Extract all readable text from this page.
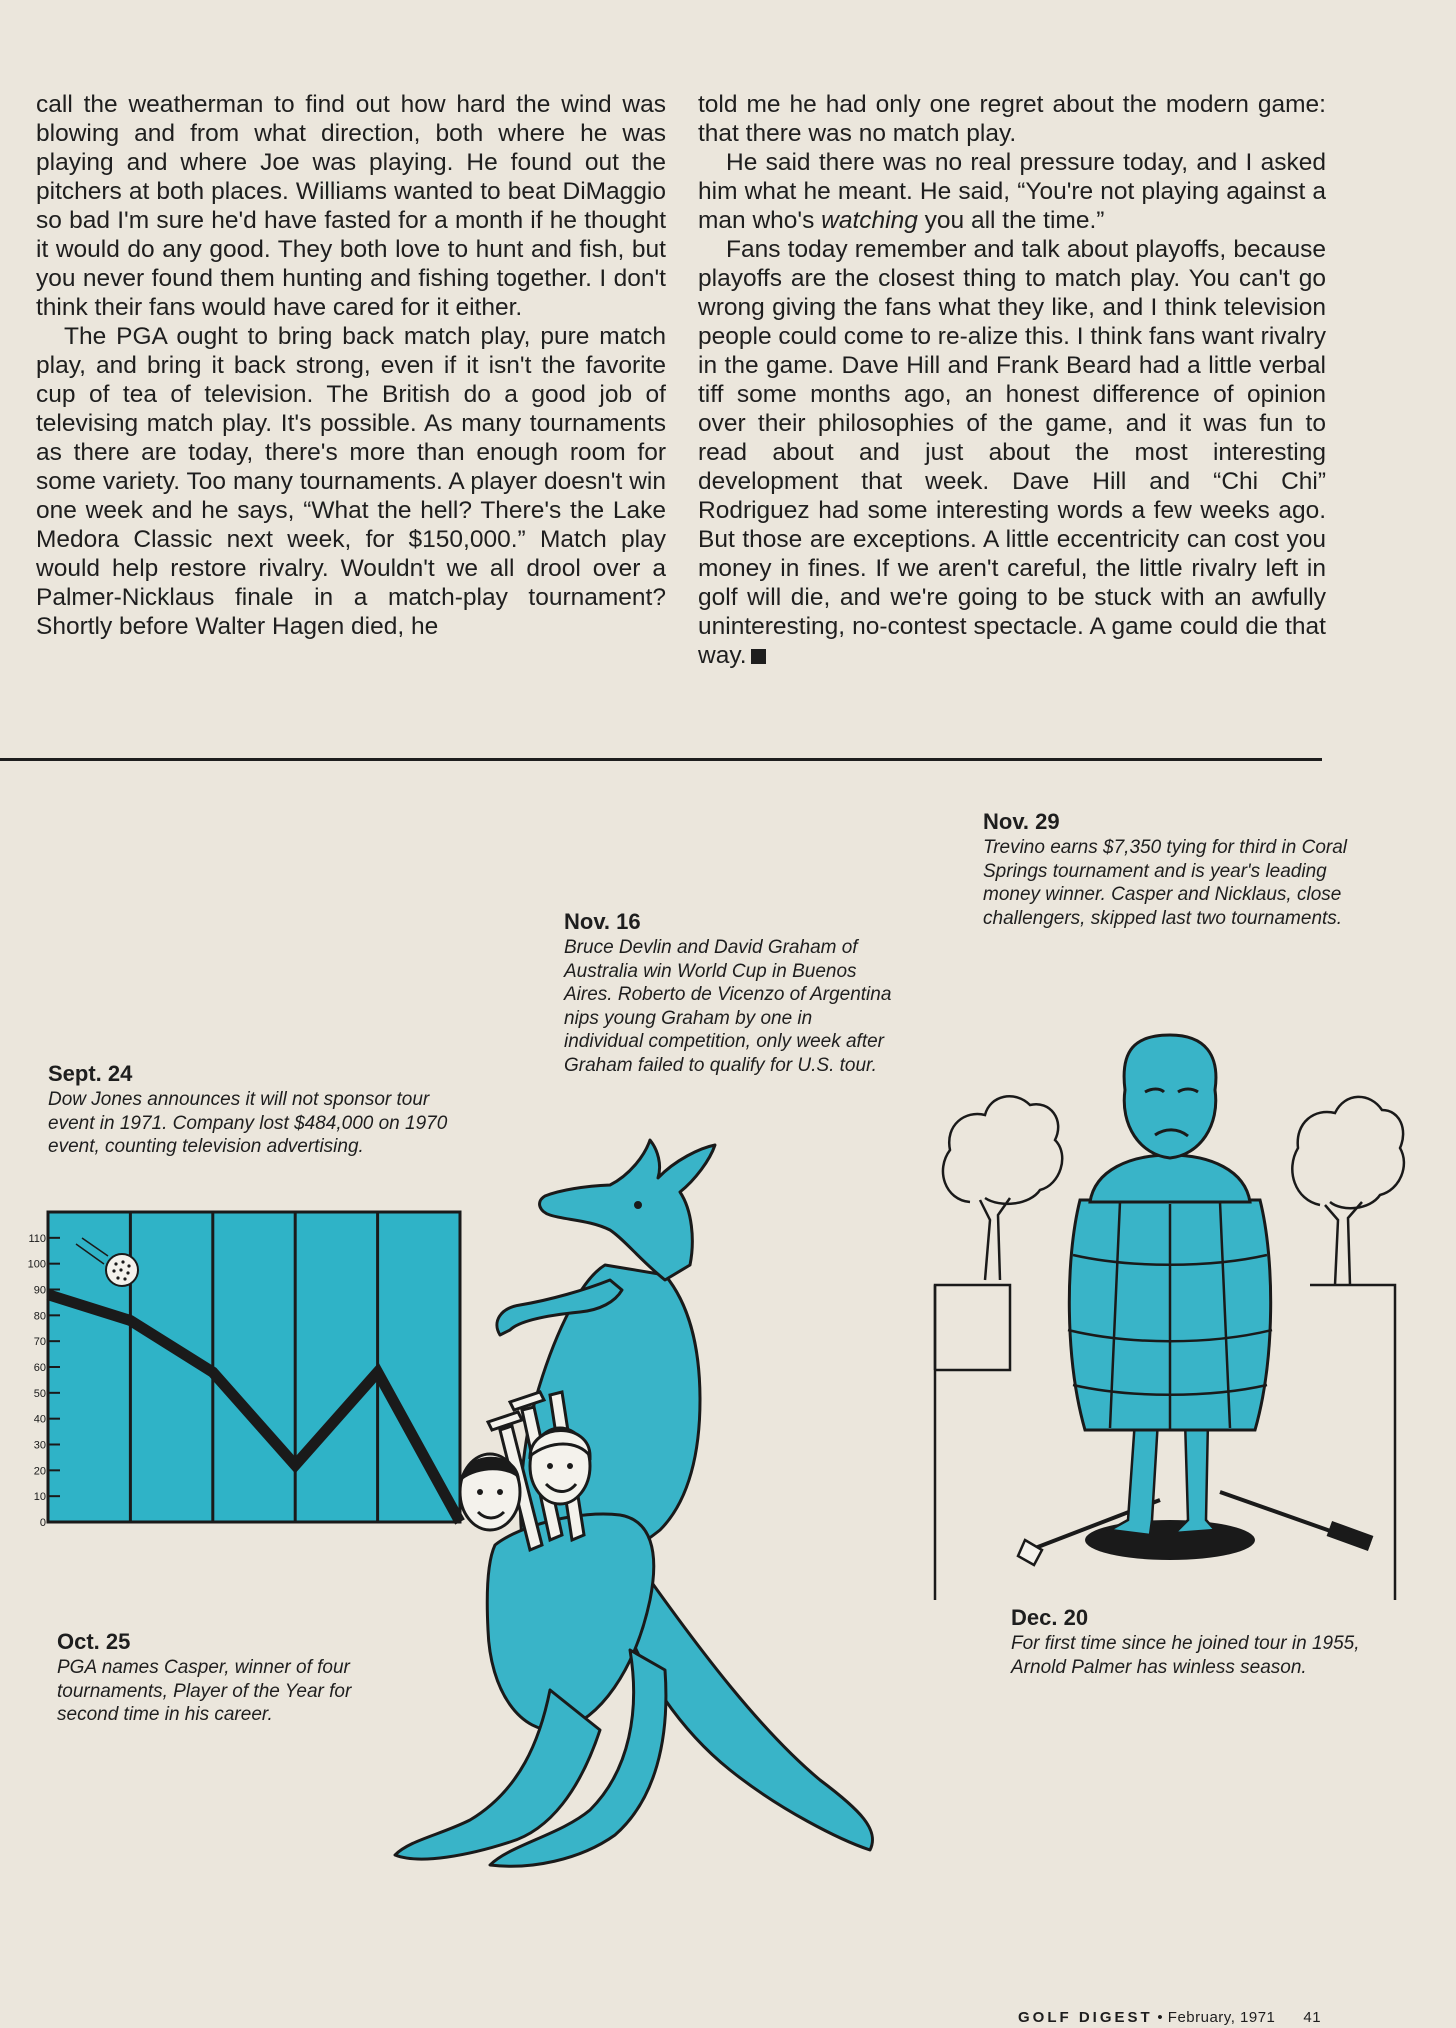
call the weatherman to find out how hard the wind was blowing and from what direction, both where he was playing and where Joe was playing. He found out the pitchers at both places. Williams wanted to beat DiMaggio so bad I'm sure he'd have fasted for a month if he thought it would do any good. They both love to hunt and fish, but you never found them hunting and fishing together. I don't think their fans would have cared for it either.

The PGA ought to bring back match play, pure match play, and bring it back strong, even if it isn't the favorite cup of tea of television. The British do a good job of televising match play. It's possible. As many tournaments as there are today, there's more than enough room for some variety. Too many tournaments. A player doesn't win one week and he says, “What the hell? There's the Lake Medora Classic next week, for $150,000.” Match play would help restore rivalry. Wouldn't we all drool over a Palmer-Nicklaus finale in a match-play tournament? Shortly before Walter Hagen died, he

told me he had only one regret about the modern game: that there was no match play.

He said there was no real pressure today, and I asked him what he meant. He said, “You're not playing against a man who's watching you all the time.”

Fans today remember and talk about playoffs, because playoffs are the closest thing to match play. You can't go wrong giving the fans what they like, and I think television people could come to re-alize this. I think fans want rivalry in the game. Dave Hill and Frank Beard had a little verbal tiff some months ago, an honest difference of opinion over their philosophies of the game, and it was fun to read about and just about the most interesting development that week. Dave Hill and “Chi Chi” Rodriguez had some interesting words a few weeks ago. But those are exceptions. A little eccentricity can cost you money in fines. If we aren't careful, the little rivalry left in golf will die, and we're going to be stuck with an awfully uninteresting, no-contest spectacle. A game could die that way.

Sept. 24
Dow Jones announces it will not sponsor tour event in 1971. Company lost $484,000 on 1970 event, counting television advertising.
Oct. 25
PGA names Casper, winner of four tournaments, Player of the Year for second time in his career.
Nov. 16
Bruce Devlin and David Graham of Australia win World Cup in Buenos Aires. Roberto de Vicenzo of Argentina nips young Graham by one in individual competition, only week after Graham failed to qualify for U.S. tour.
Nov. 29
Trevino earns $7,350 tying for third in Coral Springs tournament and is year's leading money winner. Casper and Nicklaus, close challengers, skipped last two tournaments.
Dec. 20
For first time since he joined tour in 1955, Arnold Palmer has winless season.
0
10
20
30
40
50
60
70
80
90
100
110
GOLF DIGEST • February, 1971 41
